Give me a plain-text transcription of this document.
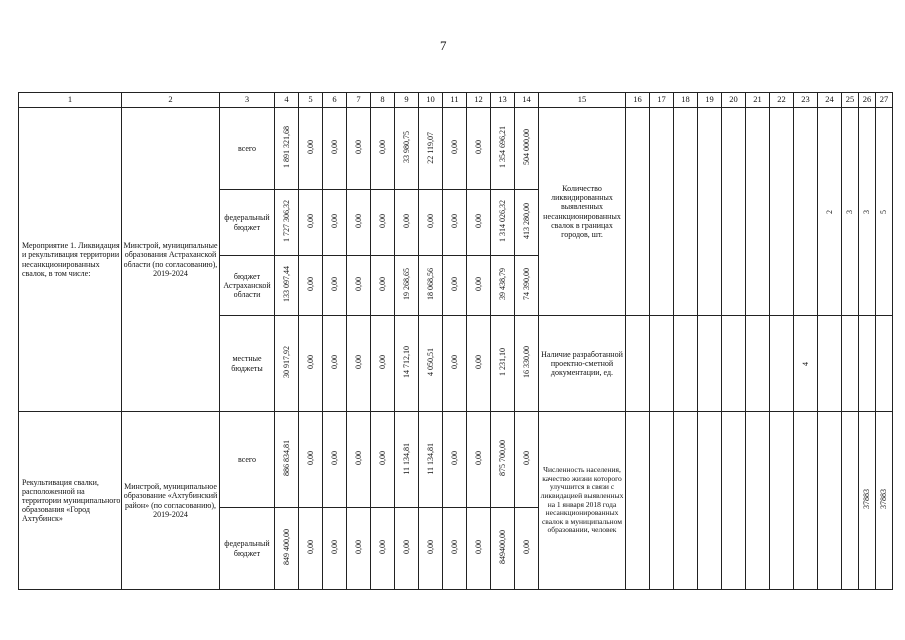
7
1	2	3	4	5	6	7	8	9	10	11	12	13	14	15	16	17	18	19	20	21	22	23	24	25	26	27
Мероприятие 1. Ликвидация и рекультивация территории несанкционированных свалок, в том числе:	Минстрой, муниципальные образования Астраханской области (по согласованию), 2019-2024	всего	1 891 321,68	0,00	0,00	0,00	0,00	33 980,75	22 119,07	0,00	0,00	1 354 696,21	504 000,00	Количество ликвидированных выявленных несанкционированных свалок в границах городов, шт.									2	3	3	5
		федеральный бюджет	1 727 306,32	0,00	0,00	0,00	0,00	0,00	0,00	0,00	0,00	1 314 026,32	413 280,00													
		бюджет Астраханской области	133 097,44	0,00	0,00	0,00	0,00	19 268,65	18 068,56	0,00	0,00	39 438,79	74 390,00													
		местные бюджеты	30 917,92	0,00	0,00	0,00	0,00	14 712,10	4 050,51	0,00	0,00	1 231,10	16 330,00	Наличие разработанной проектно-сметной документации, ед.								4				
Рекультивация свалки, расположенной на территории муниципального образования «Город Ахтубинск»	Минстрой, муниципальное образование «Ахтубинский район» (по согласованию), 2019-2024	всего	886 834,81	0,00	0,00	0,00	0,00	11 134,81	11 134,81	0,00	0,00	875 700,00	0,00	Численность населения, качество жизни которого улучшится в связи с ликвидацией выявленных на 1 января 2018 года несанкционированных свалок в муниципальном образовании, человек											37883	37883
		федеральный бюджет	849 400,00	0,00	0,00	0,00	0,00	0,00	0,00	0,00	0,00	849400,00	0,00													
